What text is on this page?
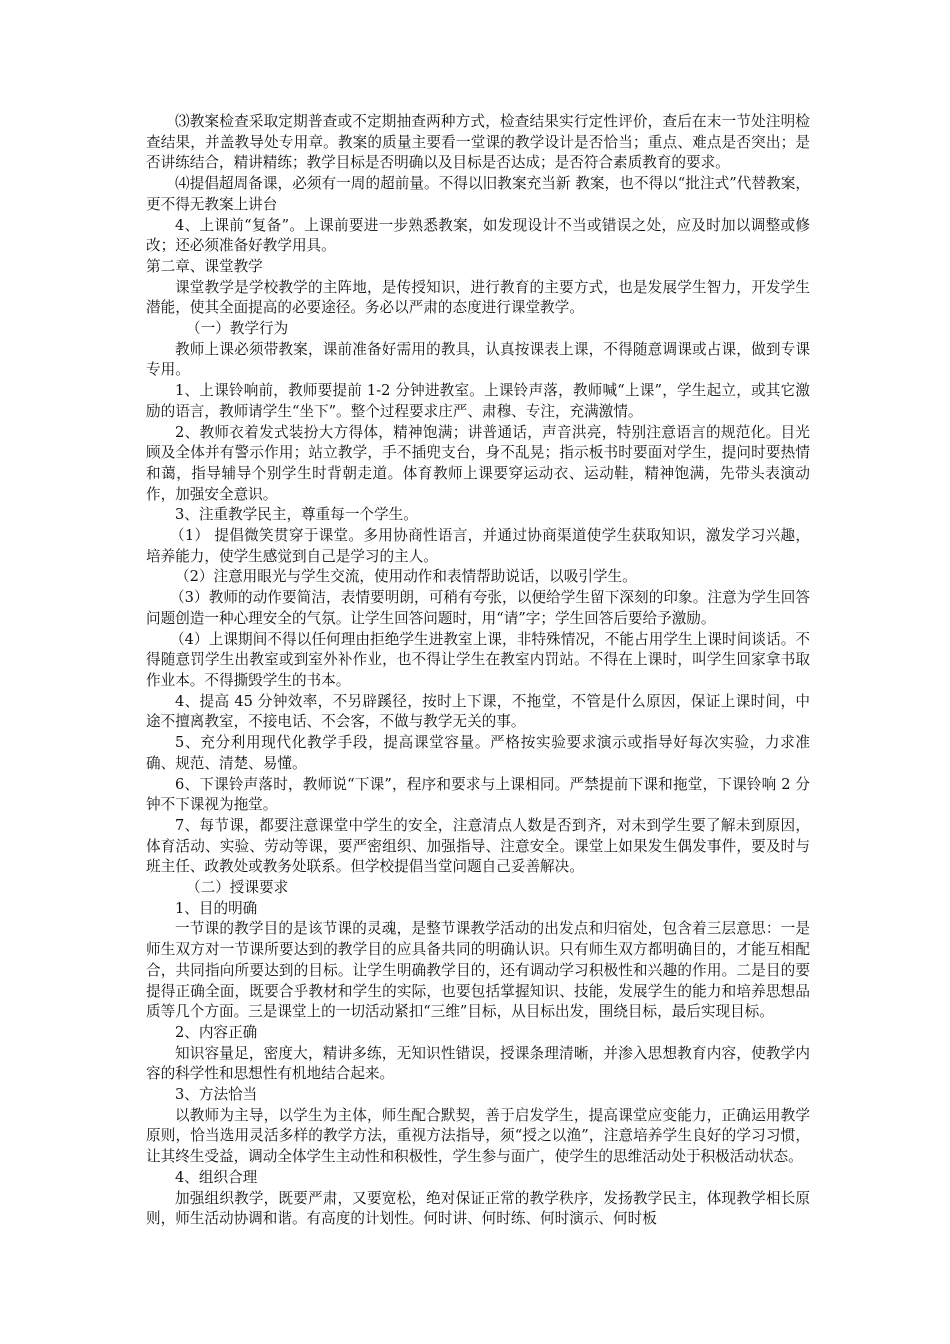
⑶教案检查采取定期普查或不定期抽查两种方式，检查结果实行定性评价，查后在末一节处注明检查结果，并盖教导处专用章。教案的质量主要看一堂课的教学设计是否恰当；重点、难点是否突出；是否讲练结合，精讲精练；教学目标是否明确以及目标是否达成；是否符合素质教育的要求。

⑷提倡超周备课，必须有一周的超前量。不得以旧教案充当新 教案，也不得以“批注式”代替教案，更不得无教案上讲台

4、上课前“复备”。上课前要进一步熟悉教案，如发现设计不当或错误之处，应及时加以调整或修改；还必须准备好教学用具。

第二章、课堂教学

课堂教学是学校教学的主阵地，是传授知识，进行教育的主要方式，也是发展学生智力，开发学生潜能，使其全面提高的必要途径。务必以严肃的态度进行课堂教学。

（一）教学行为

教师上课必须带教案，课前准备好需用的教具，认真按课表上课，不得随意调课或占课，做到专课专用。

1、上课铃响前，教师要提前 1-2 分钟进教室。上课铃声落，教师喊“上课”，学生起立，或其它激励的语言，教师请学生“坐下”。整个过程要求庄严、肃穆、专注，充满激情。

2、教师衣着发式装扮大方得体，精神饱满；讲普通话，声音洪亮，特别注意语言的规范化。目光顾及全体并有警示作用；站立教学，手不插兜支台，身不乱晃；指示板书时要面对学生，提问时要热情和蔼，指导辅导个别学生时背朝走道。体育教师上课要穿运动衣、运动鞋，精神饱满，先带头表演动作，加强安全意识。

3、注重教学民主，尊重每一个学生。

（1） 提倡微笑贯穿于课堂。多用协商性语言，并通过协商渠道使学生获取知识，激发学习兴趣，培养能力，使学生感觉到自己是学习的主人。

（2）注意用眼光与学生交流，使用动作和表情帮助说话，以吸引学生。

（3）教师的动作要简洁，表情要明朗，可稍有夸张，以便给学生留下深刻的印象。注意为学生回答问题创造一种心理安全的气氛。让学生回答问题时，用“请”字；学生回答后要给予激励。

（4）上课期间不得以任何理由拒绝学生进教室上课，非特殊情况，不能占用学生上课时间谈话。不得随意罚学生出教室或到室外补作业，也不得让学生在教室内罚站。不得在上课时，叫学生回家拿书取作业本。不得撕毁学生的书本。

4、提高 45 分钟效率，不另辟蹊径，按时上下课，不拖堂，不管是什么原因，保证上课时间，中途不擅离教室，不接电话、不会客，不做与教学无关的事。

5、充分利用现代化教学手段，提高课堂容量。严格按实验要求演示或指导好每次实验，力求准确、规范、清楚、易懂。

6、下课铃声落时，教师说“下课”，程序和要求与上课相同。严禁提前下课和拖堂，下课铃响 2 分钟不下课视为拖堂。

7、每节课，都要注意课堂中学生的安全，注意清点人数是否到齐，对未到学生要了解未到原因，体育活动、实验、劳动等课，要严密组织、加强指导、注意安全。课堂上如果发生偶发事件，要及时与班主任、政教处或教务处联系。但学校提倡当堂问题自己妥善解决。

（二）授课要求

1、目的明确

一节课的教学目的是该节课的灵魂，是整节课教学活动的出发点和归宿处，包含着三层意思：一是师生双方对一节课所要达到的教学目的应具备共同的明确认识。只有师生双方都明确目的，才能互相配合，共同指向所要达到的目标。让学生明确教学目的，还有调动学习积极性和兴趣的作用。二是目的要提得正确全面，既要合乎教材和学生的实际，也要包括掌握知识、技能，发展学生的能力和培养思想品质等几个方面。三是课堂上的一切活动紧扣“三维”目标，从目标出发，围绕目标，最后实现目标。

2、内容正确

知识容量足，密度大，精讲多练，无知识性错误，授课条理清晰，并渗入思想教育内容，使教学内容的科学性和思想性有机地结合起来。

3、方法恰当

以教师为主导，以学生为主体，师生配合默契，善于启发学生，提高课堂应变能力，正确运用教学原则，恰当选用灵活多样的教学方法，重视方法指导，须“授之以渔”，注意培养学生良好的学习习惯，让其终生受益，调动全体学生主动性和积极性，学生参与面广，使学生的思维活动处于积极活动状态。

4、组织合理

加强组织教学，既要严肃，又要宽松，绝对保证正常的教学秩序，发扬教学民主，体现教学相长原则，师生活动协调和谐。有高度的计划性。何时讲、何时练、何时演示、何时板
